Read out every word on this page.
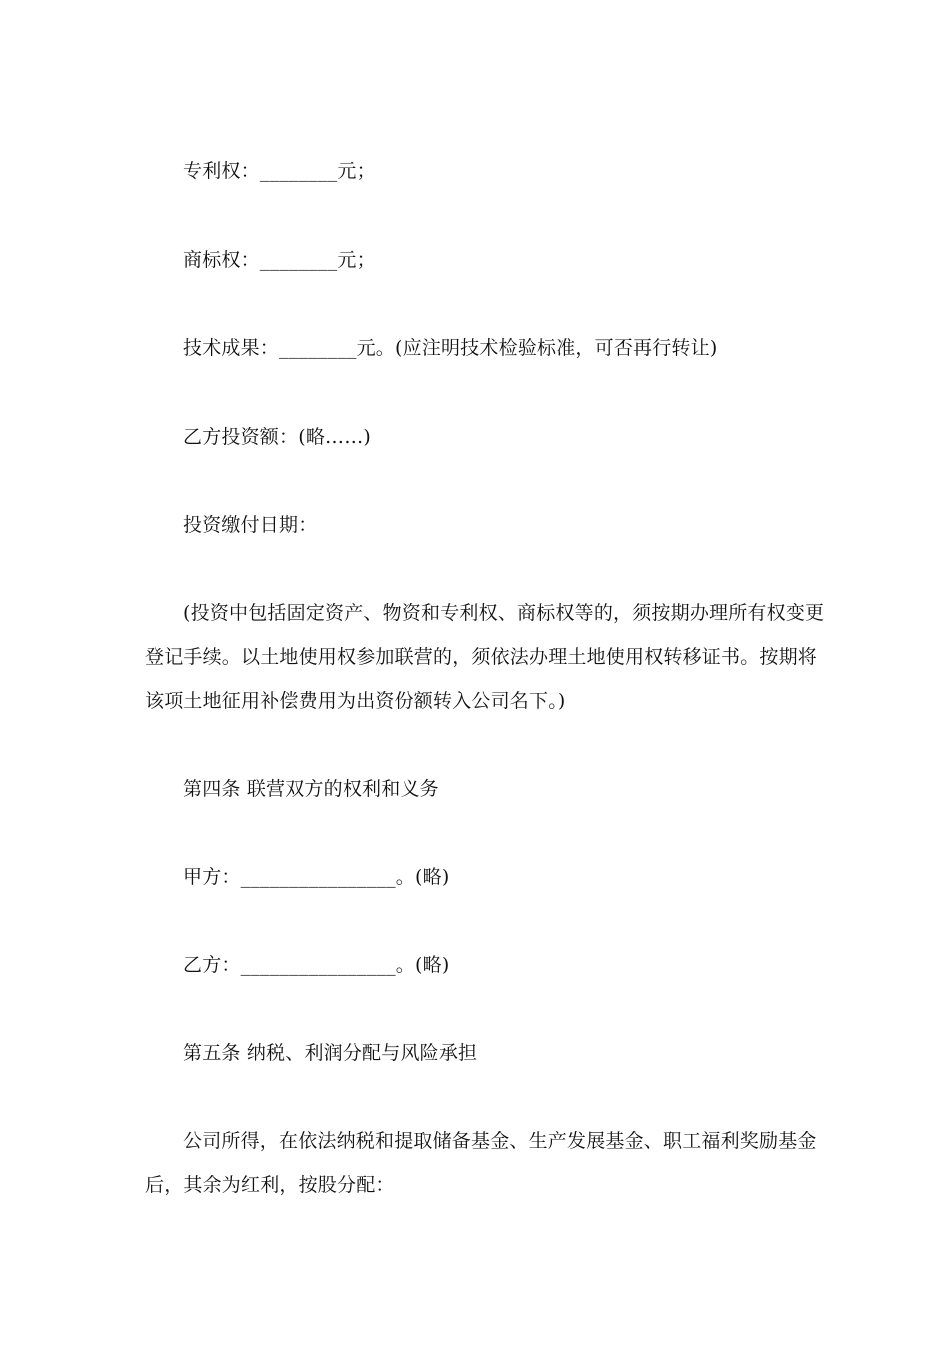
专利权：________元；
商标权：________元；
技术成果：________元。(应注明技术检验标准，可否再行转让)
乙方投资额：(略……)
投资缴付日期：
(投资中包括固定资产、物资和专利权、商标权等的，须按期办理所有权变更
登记手续。以土地使用权参加联营的，须依法办理土地使用权转移证书。按期将
该项土地征用补偿费用为出资份额转入公司名下。)
第四条 联营双方的权利和义务
甲方：________________。(略)
乙方：________________。(略)
第五条 纳税、利润分配与风险承担
公司所得，在依法纳税和提取储备基金、生产发展基金、职工福利奖励基金
后，其余为红利，按股分配：
